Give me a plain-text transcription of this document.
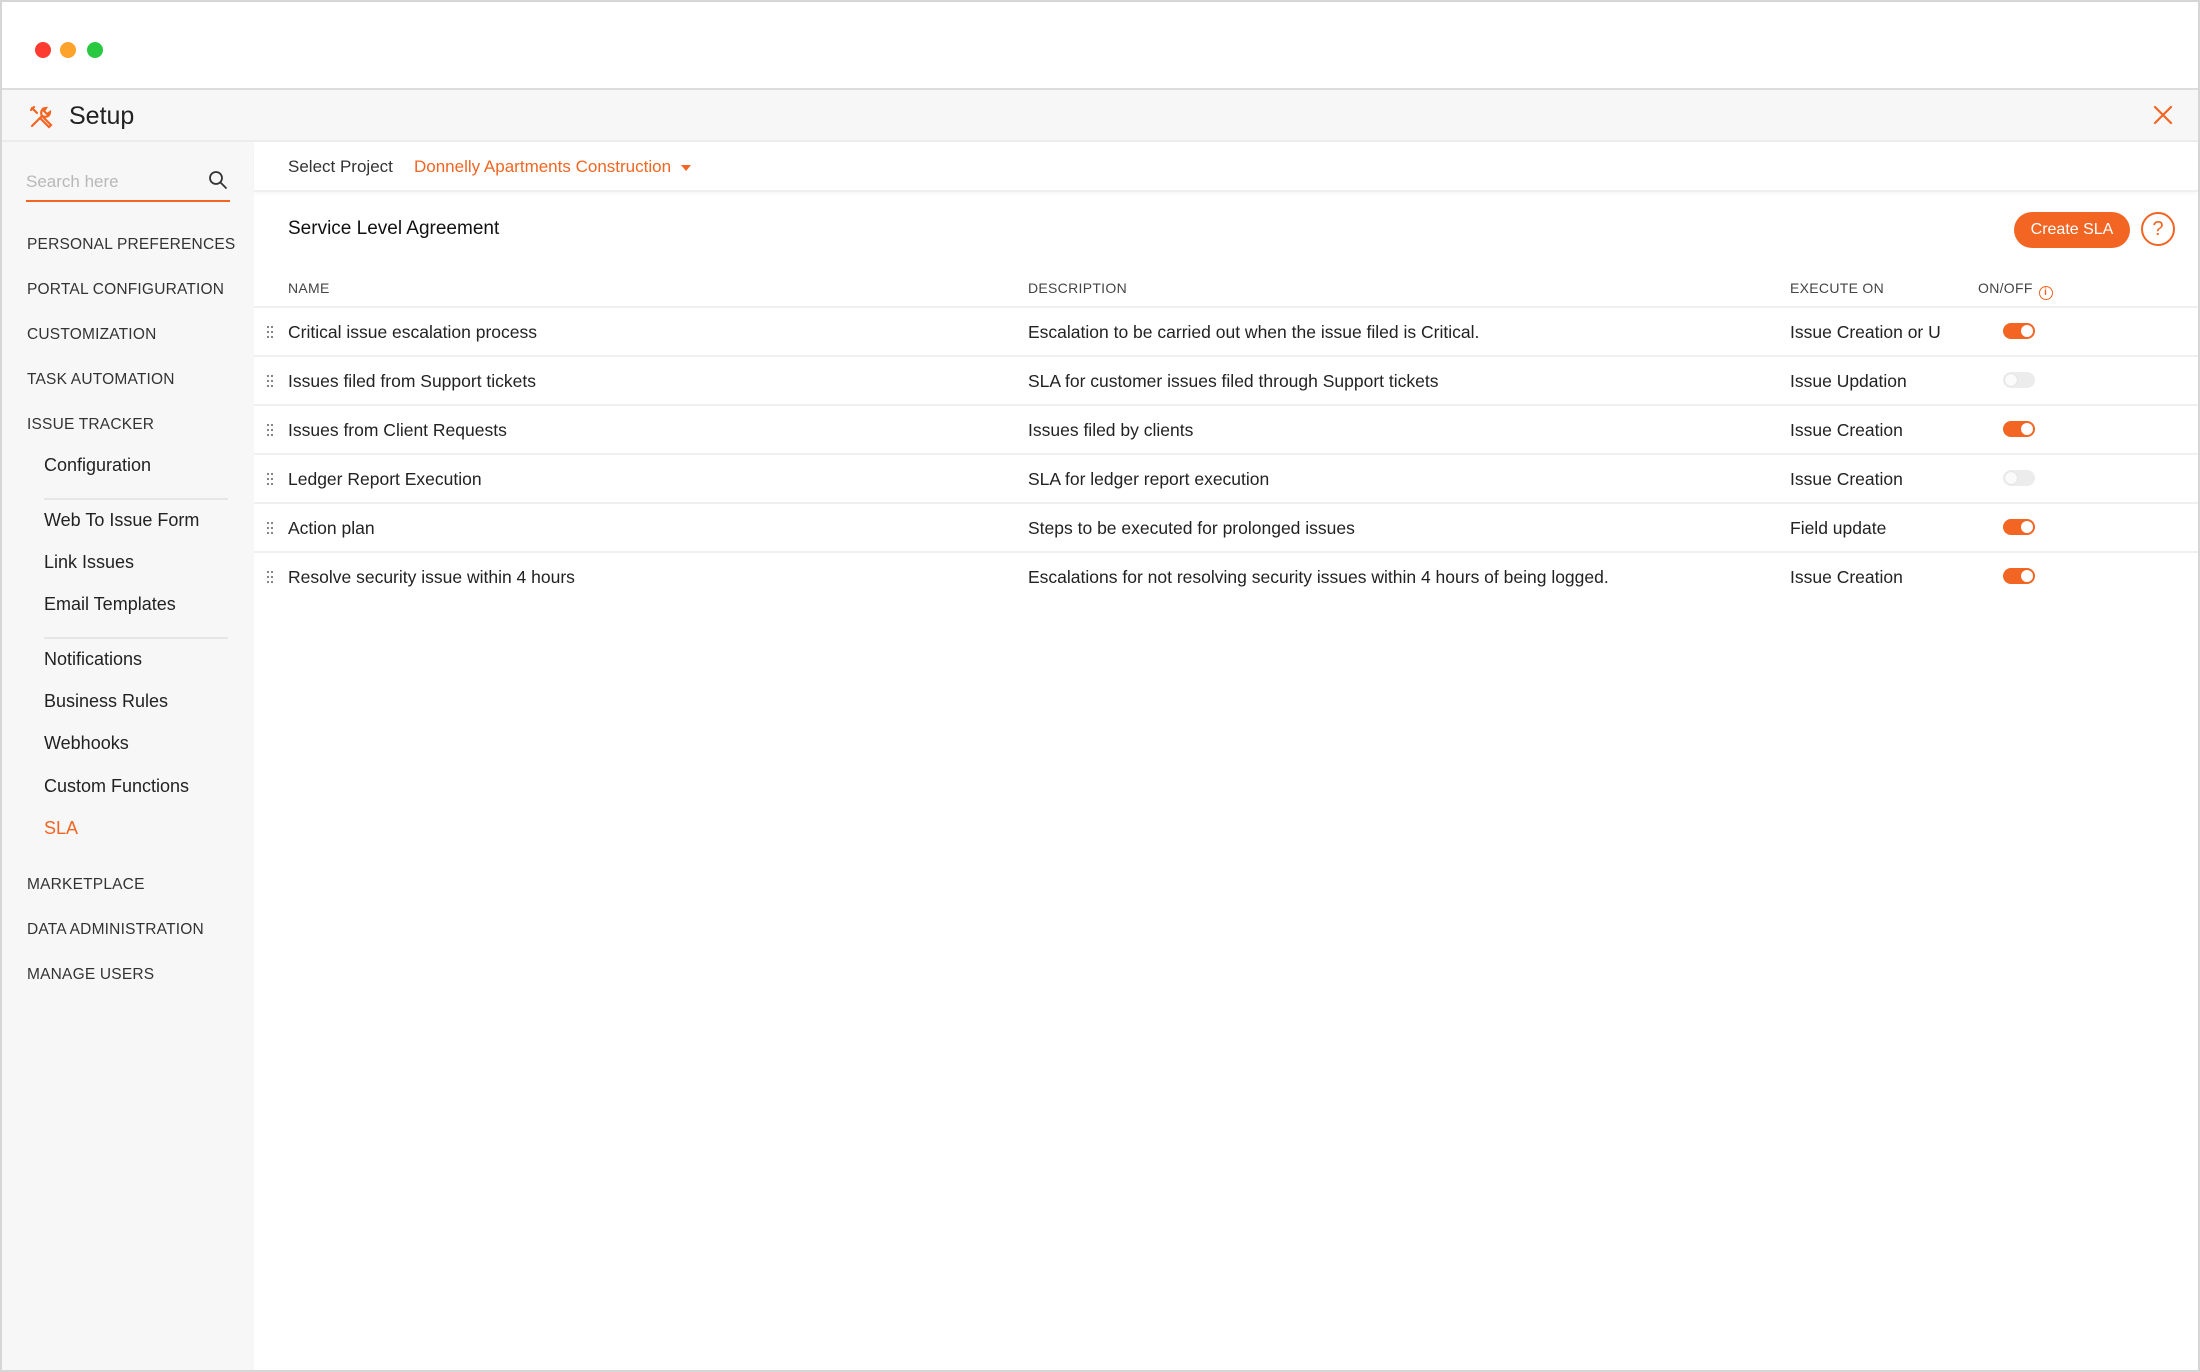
Setup
Search here
PERSONAL PREFERENCES
PORTAL CONFIGURATION
CUSTOMIZATION
TASK AUTOMATION
ISSUE TRACKER
Configuration
Web To Issue Form
Link Issues
Email Templates
Notifications
Business Rules
Webhooks
Custom Functions
SLA
MARKETPLACE
DATA ADMINISTRATION
MANAGE USERS
Select Project Donnelly Apartments Construction
Service Level Agreement	Create SLA	?
NAME	DESCRIPTION	EXECUTE ON	ON/OFF i
Critical issue escalation process	Escalation to be carried out when the issue filed is Critical.	Issue Creation or U
Issues filed from Support tickets	SLA for customer issues filed through Support tickets	Issue Updation
Issues from Client Requests	Issues filed by clients	Issue Creation
Ledger Report Execution	SLA for ledger report execution	Issue Creation
Action plan	Steps to be executed for prolonged issues	Field update
Resolve security issue within 4 hours	Escalations for not resolving security issues within 4 hours of being logged.	Issue Creation
